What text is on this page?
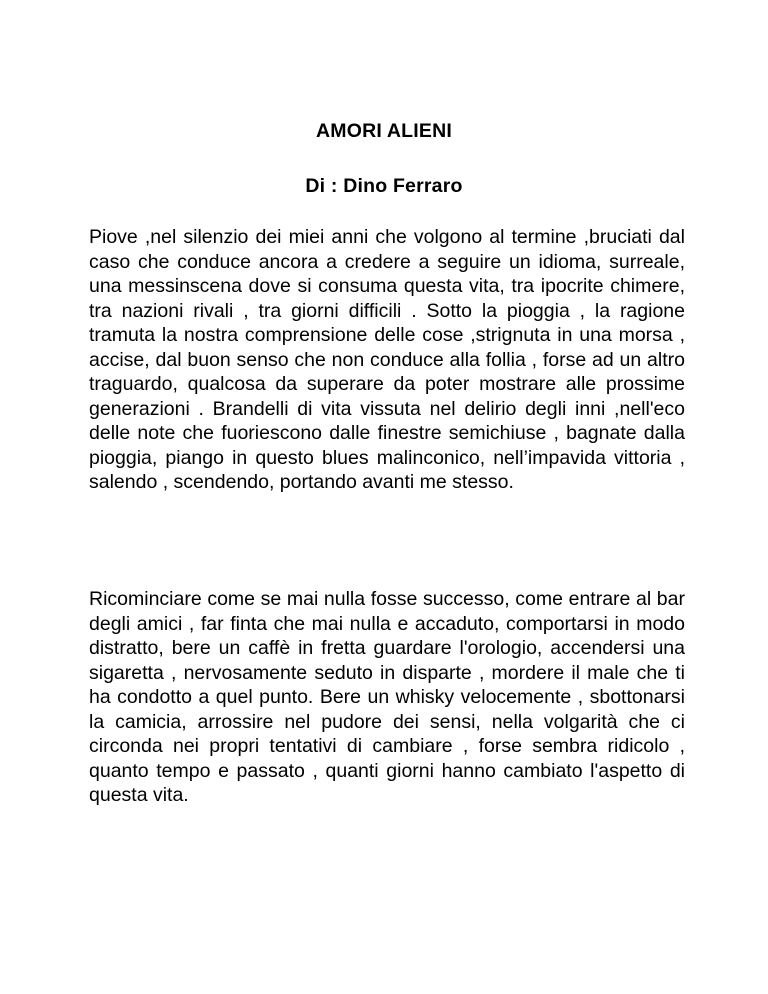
AMORI ALIENI
Di : Dino Ferraro

Piove ,nel silenzio dei miei anni che volgono al termine ,bruciati dal caso che conduce ancora a credere a seguire un idioma, surreale, una messinscena dove si consuma questa vita, tra ipocrite chimere, tra nazioni rivali , tra giorni difficili . Sotto la pioggia , la ragione tramuta la nostra comprensione delle cose ,strignuta in una morsa , accise, dal buon senso che non conduce alla follia , forse ad un altro traguardo, qualcosa da superare da poter mostrare alle prossime generazioni . Brandelli di vita vissuta nel delirio degli inni ,nell'eco delle note che fuoriescono dalle finestre semichiuse , bagnate dalla pioggia, piango in questo blues malinconico, nell’impavida vittoria , salendo , scendendo, portando avanti me stesso.

Ricominciare come se mai nulla fosse successo, come entrare al bar degli amici , far finta che mai nulla e accaduto, comportarsi in modo distratto, bere un caffè in fretta guardare l'orologio, accendersi una sigaretta , nervosamente seduto in disparte , mordere il male che ti ha condotto a quel punto. Bere un whisky velocemente , sbottonarsi la camicia, arrossire nel pudore dei sensi, nella volgarità che ci circonda nei propri tentativi di cambiare , forse sembra ridicolo , quanto tempo e passato , quanti giorni hanno cambiato l'aspetto di questa vita.
